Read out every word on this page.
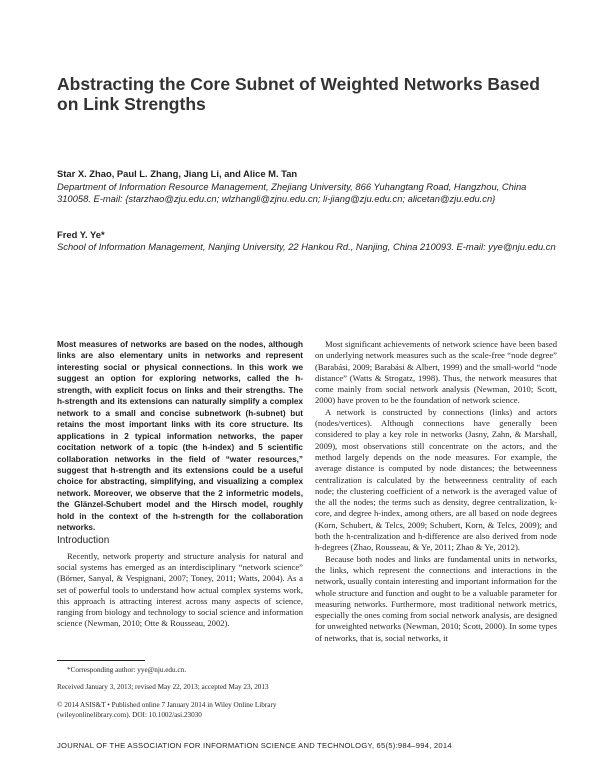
Abstracting the Core Subnet of Weighted Networks Based on Link Strengths
Star X. Zhao, Paul L. Zhang, Jiang Li, and Alice M. Tan
Department of Information Resource Management, Zhejiang University, 866 Yuhangtang Road, Hangzhou, China 310058. E-mail: {starzhao@zju.edu.cn; wlzhangli@zjnu.edu.cn; li-jiang@zju.edu.cn; alicetan@zju.edu.cn}
Fred Y. Ye*
School of Information Management, Nanjing University, 22 Hankou Rd., Nanjing, China 210093. E-mail: yye@nju.edu.cn

Most measures of networks are based on the nodes, although links are also elementary units in networks and represent interesting social or physical connections. In this work we suggest an option for exploring networks, called the h-strength, with explicit focus on links and their strengths. The h-strength and its extensions can naturally simplify a complex network to a small and concise subnetwork (h-subnet) but retains the most important links with its core structure. Its applications in 2 typical information networks, the paper cocitation network of a topic (the h-index) and 5 scientific collaboration networks in the field of “water resources,” suggest that h-strength and its extensions could be a useful choice for abstracting, simplifying, and visualizing a complex network. Moreover, we observe that the 2 informetric models, the Glänzel-Schubert model and the Hirsch model, roughly hold in the context of the h-strength for the collaboration networks.

Introduction

Recently, network property and structure analysis for natural and social systems has emerged as an interdisciplinary “network science” (Börner, Sanyal, & Vespignani, 2007; Toney, 2011; Watts, 2004). As a set of powerful tools to understand how actual complex systems work, this approach is attracting interest across many aspects of science, ranging from biology and technology to social science and information science (Newman, 2010; Otte & Rousseau, 2002).

*Corresponding author: yye@nju.edu.cn.

Received January 3, 2013; revised May 22, 2013; accepted May 23, 2013

© 2014 ASIS&T • Published online 7 January 2014 in Wiley Online Library (wileyonlinelibrary.com). DOI: 10.1002/asi.23030

Most significant achievements of network science have been based on underlying network measures such as the scale-free “node degree” (Barabási, 2009; Barabási & Albert, 1999) and the small-world “node distance” (Watts & Strogatz, 1998). Thus, the network measures that come mainly from social network analysis (Newman, 2010; Scott, 2000) have proven to be the foundation of network science.

A network is constructed by connections (links) and actors (nodes/vertices). Although connections have generally been considered to play a key role in networks (Jasny, Zahn, & Marshall, 2009), most observations still concentrate on the actors, and the method largely depends on the node measures. For example, the average distance is computed by node distances; the betweenness centralization is calculated by the betweenness centrality of each node; the clustering coefficient of a network is the averaged value of the all the nodes; the terms such as density, degree centralization, k-core, and degree h-index, among others, are all based on node degrees (Korn, Schubert, & Telcs, 2009; Schubert, Korn, & Telcs, 2009); and both the h-centralization and h-difference are also derived from node h-degrees (Zhao, Rousseau, & Ye, 2011; Zhao & Ye, 2012).

Because both nodes and links are fundamental units in networks, the links, which represent the connections and interactions in the network, usually contain interesting and important information for the whole structure and function and ought to be a valuable parameter for measuring networks. Furthermore, most traditional network metrics, especially the ones coming from social network analysis, are designed for unweighted networks (Newman, 2010; Scott, 2000). In some types of networks, that is, social networks, it

JOURNAL OF THE ASSOCIATION FOR INFORMATION SCIENCE AND TECHNOLOGY, 65(5):984–994, 2014
